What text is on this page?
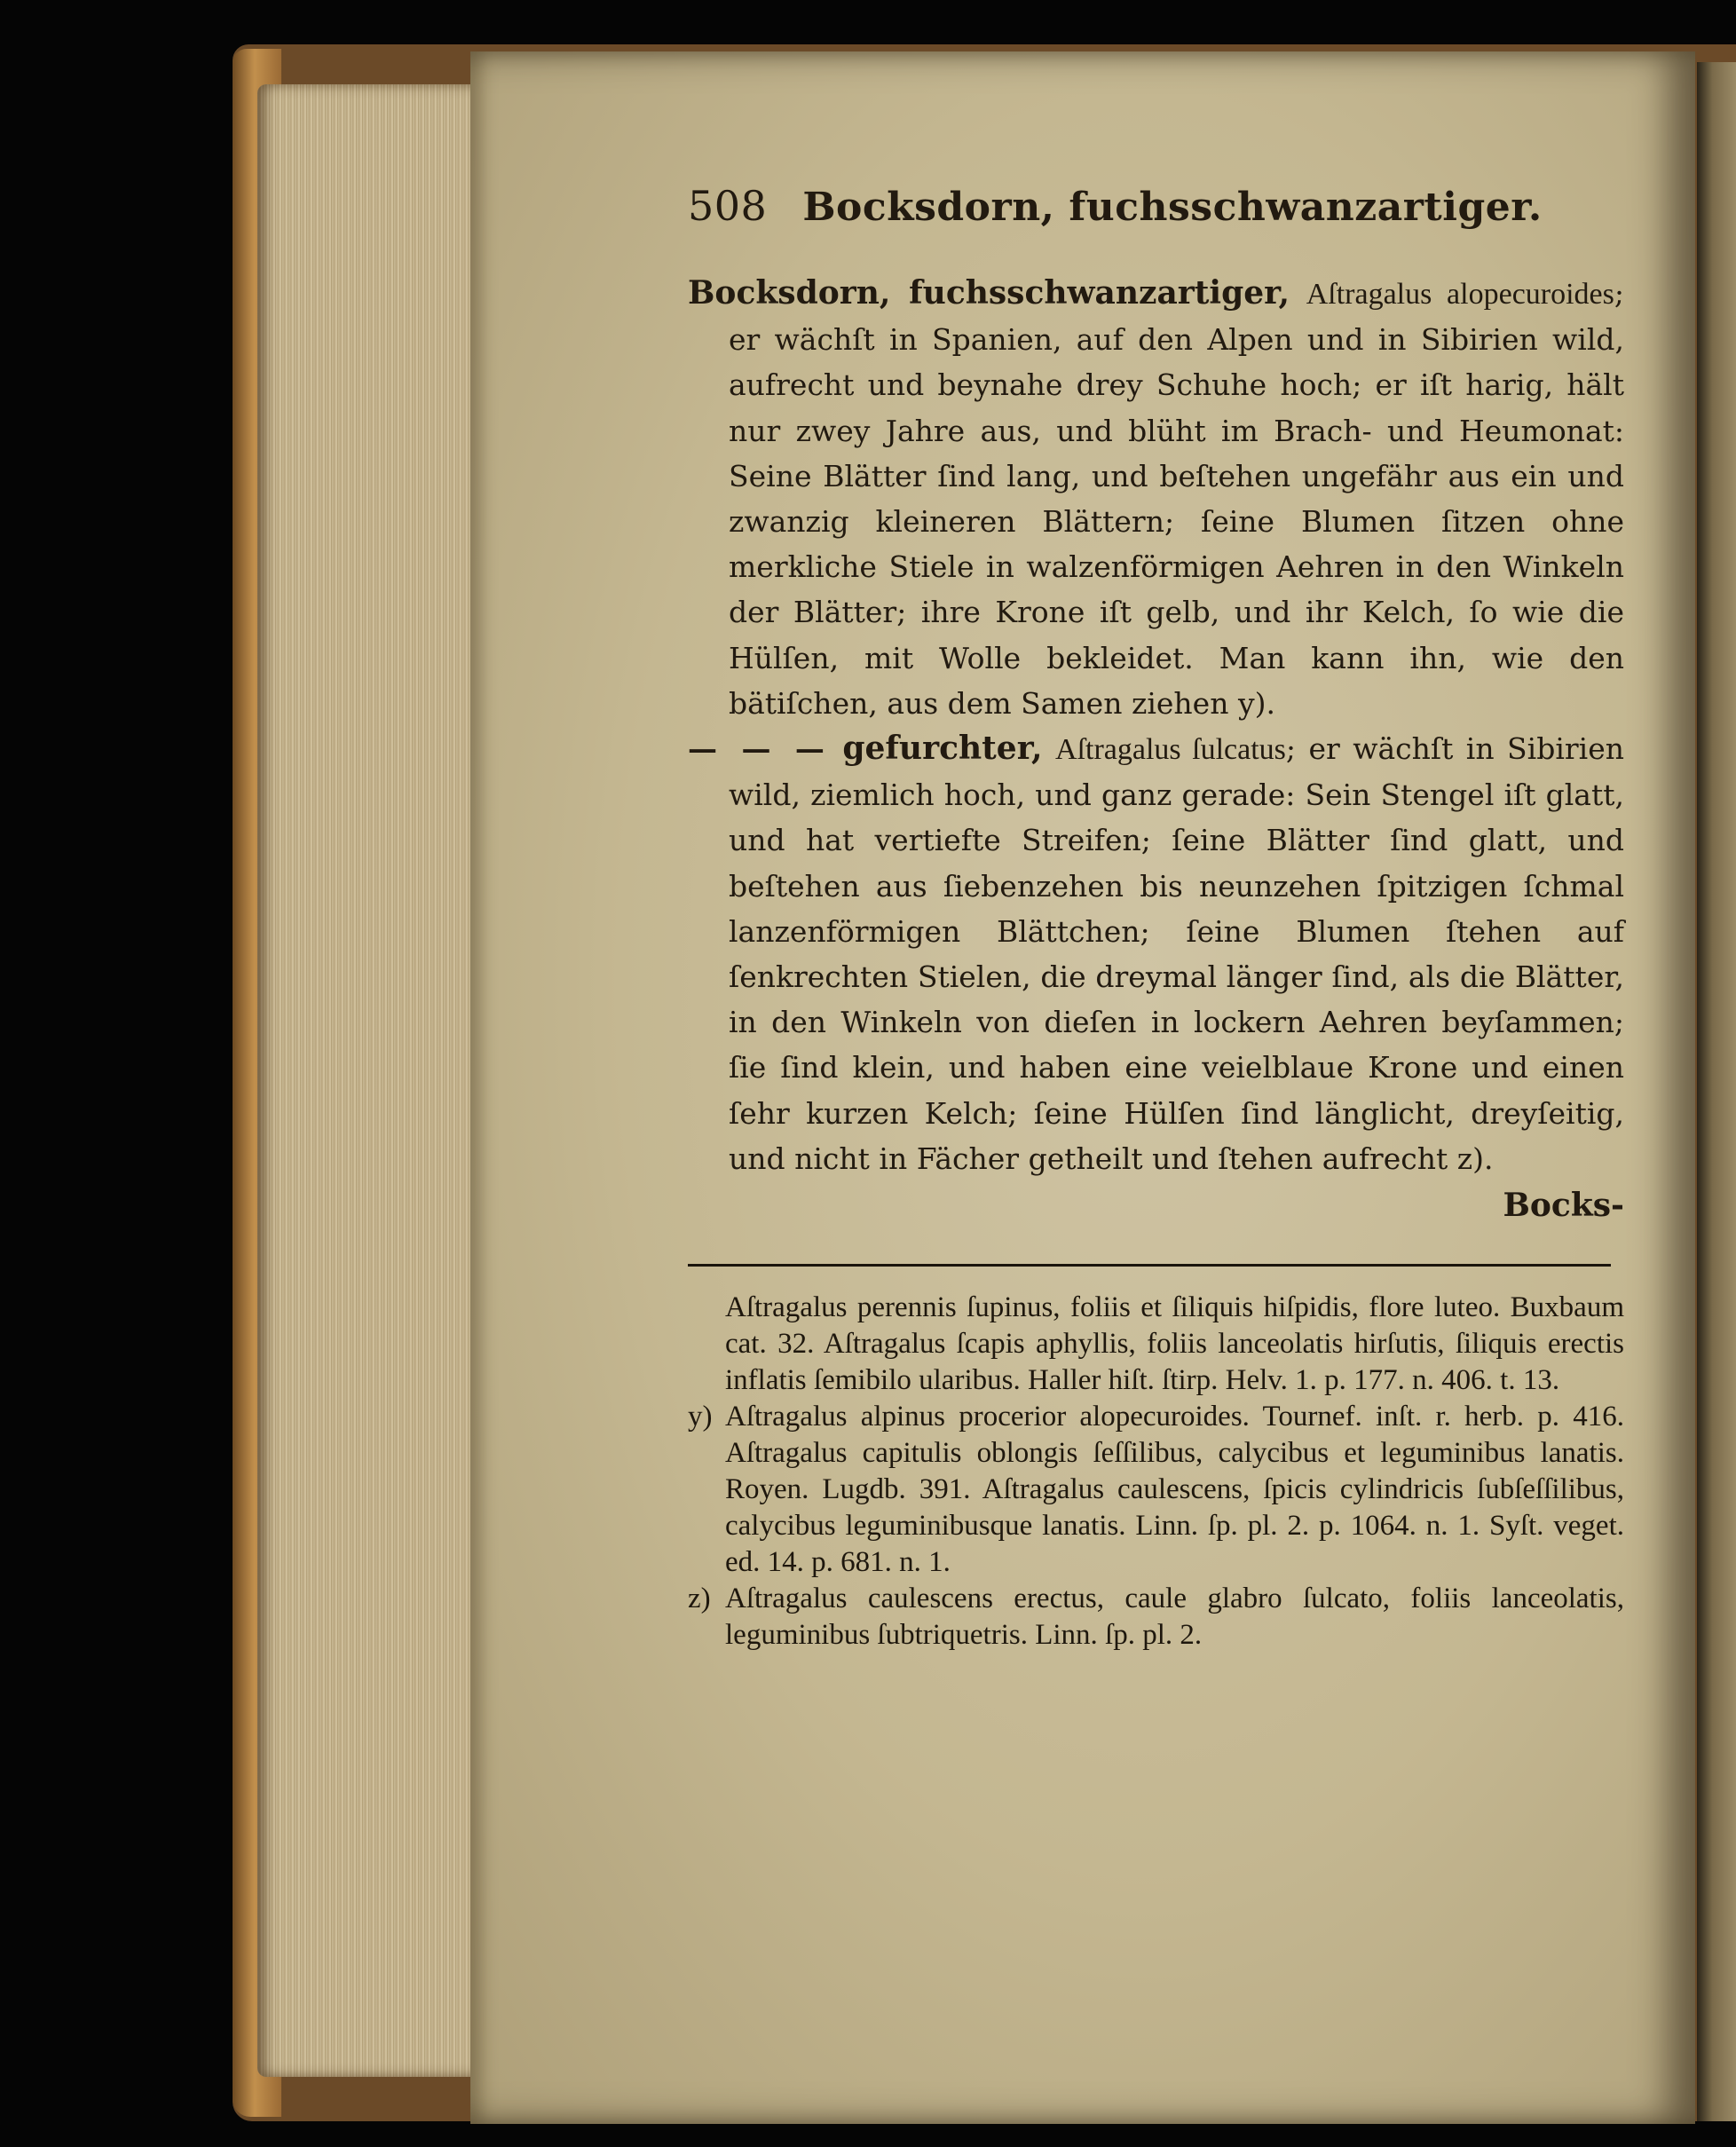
508 Bocksdorn, fuchsschwanzartiger.

Bocksdorn, fuchsschwanzartiger, Aſtragalus alopecuroides; er wächſt in Spanien, auf den Alpen und in Sibirien wild, aufrecht und beynahe drey Schuhe hoch; er iſt harig, hält nur zwey Jahre aus, und blüht im Brach- und Heumonat: Seine Blätter ſind lang, und beſtehen ungefähr aus ein und zwanzig kleineren Blättern; ſeine Blumen ſitzen ohne merkliche Stiele in walzenförmigen Aehren in den Winkeln der Blätter; ihre Krone iſt gelb, und ihr Kelch, ſo wie die Hülſen, mit Wolle bekleidet. Man kann ihn, wie den bätiſchen, aus dem Samen ziehen y).

— — — gefurchter, Aſtragalus ſulcatus; er wächſt in Sibirien wild, ziemlich hoch, und ganz gerade: Sein Stengel iſt glatt, und hat vertiefte Streifen; ſeine Blätter ſind glatt, und beſtehen aus ſiebenzehen bis neunzehen ſpitzigen ſchmal lanzenförmigen Blättchen; ſeine Blumen ſtehen auf ſenkrechten Stielen, die dreymal länger ſind, als die Blätter, in den Winkeln von dieſen in lockern Aehren beyſammen; ſie ſind klein, und haben eine veielblaue Krone und einen ſehr kurzen Kelch; ſeine Hülſen ſind länglicht, dreyſeitig, und nicht in Fächer getheilt und ſtehen aufrecht z).

Bocks-

Aſtragalus perennis ſupinus, foliis et ſiliquis hiſpidis, flore luteo. Buxbaum cat. 32. Aſtragalus ſcapis aphyllis, foliis lanceolatis hirſutis, ſiliquis erectis inflatis ſemibilo ularibus. Haller hiſt. ſtirp. Helv. 1. p. 177. n. 406. t. 13.

y) Aſtragalus alpinus procerior alopecuroides. Tournef. inſt. r. herb. p. 416. Aſtragalus capitulis oblongis ſeſſilibus, calycibus et leguminibus lanatis. Royen. Lugdb. 391. Aſtragalus caulescens, ſpicis cylindricis ſubſeſſilibus, calycibus leguminibusque lanatis. Linn. ſp. pl. 2. p. 1064. n. 1. Syſt. veget. ed. 14. p. 681. n. 1.

z) Aſtragalus caulescens erectus, caule glabro ſulcato, foliis lanceolatis, leguminibus ſubtriquetris. Linn. ſp. pl. 2.
